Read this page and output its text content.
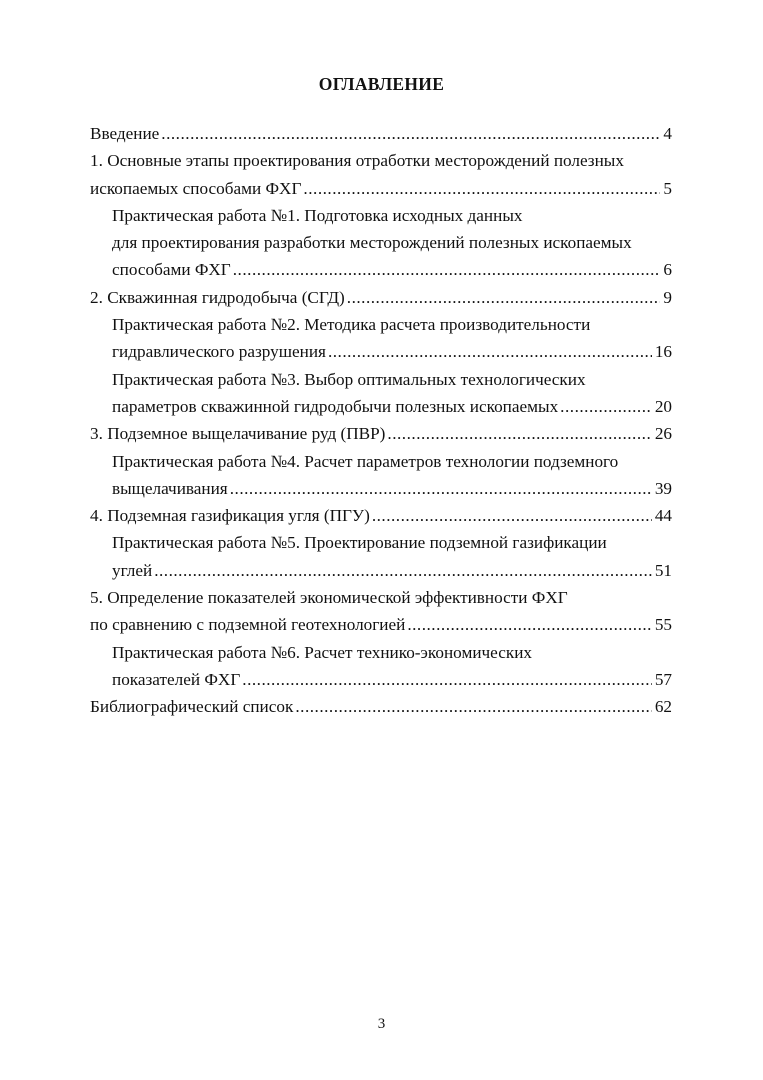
ОГЛАВЛЕНИЕ
Введение .....	4
1. Основные этапы проектирования отработки месторождений полезных
ископаемых способами ФХГ .....	5
Практическая работа №1. Подготовка исходных данных
для проектирования разработки месторождений полезных ископаемых
способами ФХГ .....	6
2. Скважинная гидродобыча (СГД) .....	9
Практическая работа №2. Методика расчета производительности
гидравлического разрушения .....	16
Практическая работа №3. Выбор оптимальных технологических
параметров скважинной гидродобычи полезных ископаемых .....	20
3. Подземное выщелачивание руд (ПВР) .....	26
Практическая работа №4. Расчет параметров технологии подземного
выщелачивания .....	39
4. Подземная газификация угля (ПГУ) .....	44
Практическая работа №5. Проектирование подземной газификации
углей .....	51
5. Определение показателей экономической эффективности ФХГ
по сравнению с подземной геотехнологией .....	55
Практическая работа №6. Расчет технико-экономических
показателей ФХГ .....	57
Библиографический список .....	62
3
